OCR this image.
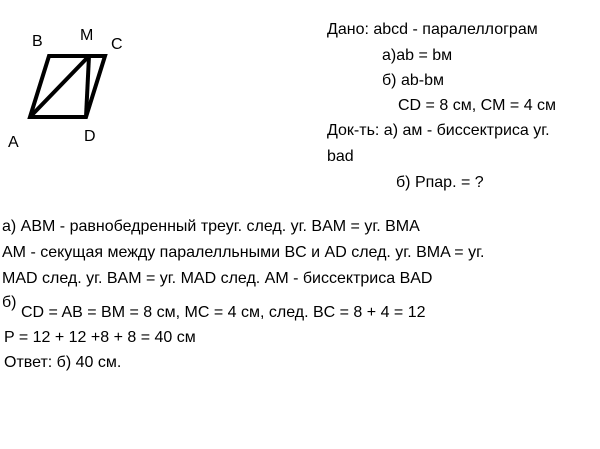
B M
C
A	D
Дано: abcd - паралеллограм
а)ab = bм
б) ab-bм
CD = 8 см, CM = 4 см
Док-ть: а) ам - биссектриса уг.
bad
б) Рпар. = ?
а) ABM - равнобедренный треуг. след. уг. BAM = уг. BMA
AM - секущая между паралелльными BC и AD след. уг. BMA = уг.
MAD след. уг. BAM = уг. MAD след. AM - биссектриса BAD
б)
CD = AB = BM = 8 см, MC = 4 см, след. BC = 8 + 4 = 12
P = 12 + 12 +8 + 8 = 40 см
Ответ: б) 40 см.
